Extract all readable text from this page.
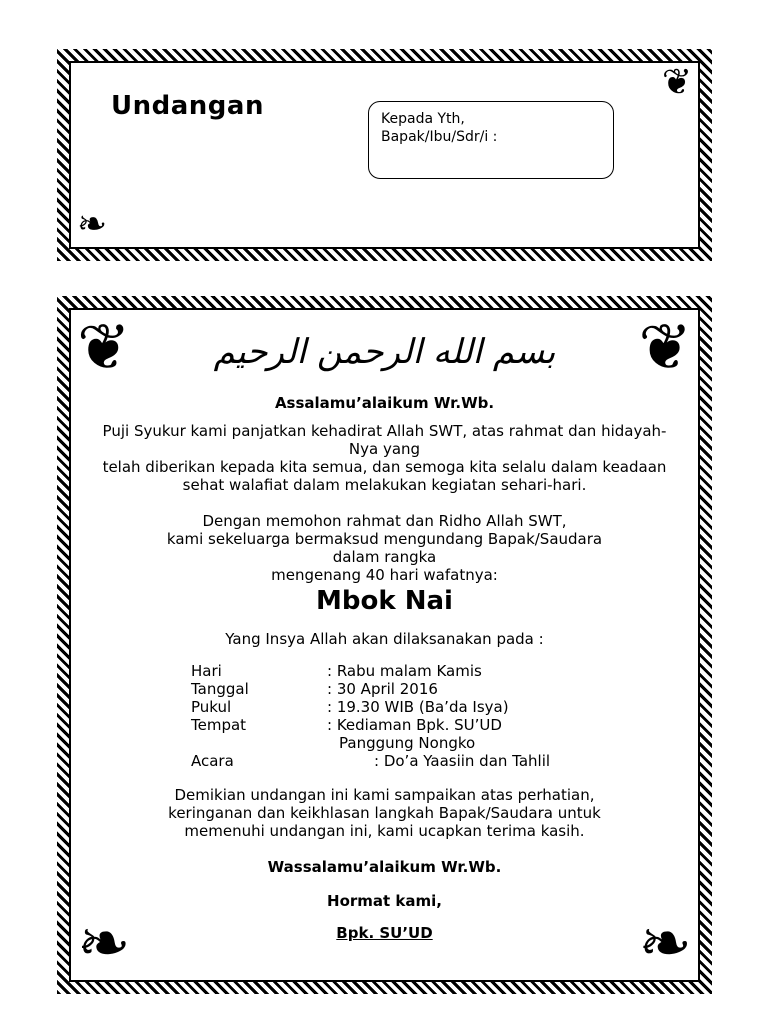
Undangan	Kepada Yth,
Bapak/Ibu/Sdr/i :
❦
❧
❦	❦
❧	❧
بسم الله الرحمن الرحيم
Assalamu’alaikum Wr.Wb.
Puji Syukur kami panjatkan kehadirat Allah SWT, atas rahmat dan hidayah-
Nya yang
telah diberikan kepada kita semua, dan semoga kita selalu dalam keadaan
sehat walafiat dalam melakukan kegiatan sehari-hari.
Dengan memohon rahmat dan Ridho Allah SWT,
kami sekeluarga bermaksud mengundang Bapak/Saudara
dalam rangka
mengenang 40 hari wafatnya:
Mbok Nai
Yang Insya Allah akan dilaksanakan pada :
Hari	: Rabu malam Kamis
Tanggal	: 30 April 2016
Pukul	: 19.30 WIB (Ba’da Isya)
Tempat	: Kediaman Bpk. SU’UD
Panggung Nongko
Acara	: Do’a Yaasiin dan Tahlil
Demikian undangan ini kami sampaikan atas perhatian,
keringanan dan keikhlasan langkah Bapak/Saudara untuk
memenuhi undangan ini, kami ucapkan terima kasih.
Wassalamu’alaikum Wr.Wb.
Hormat kami,
Bpk. SU’UD
